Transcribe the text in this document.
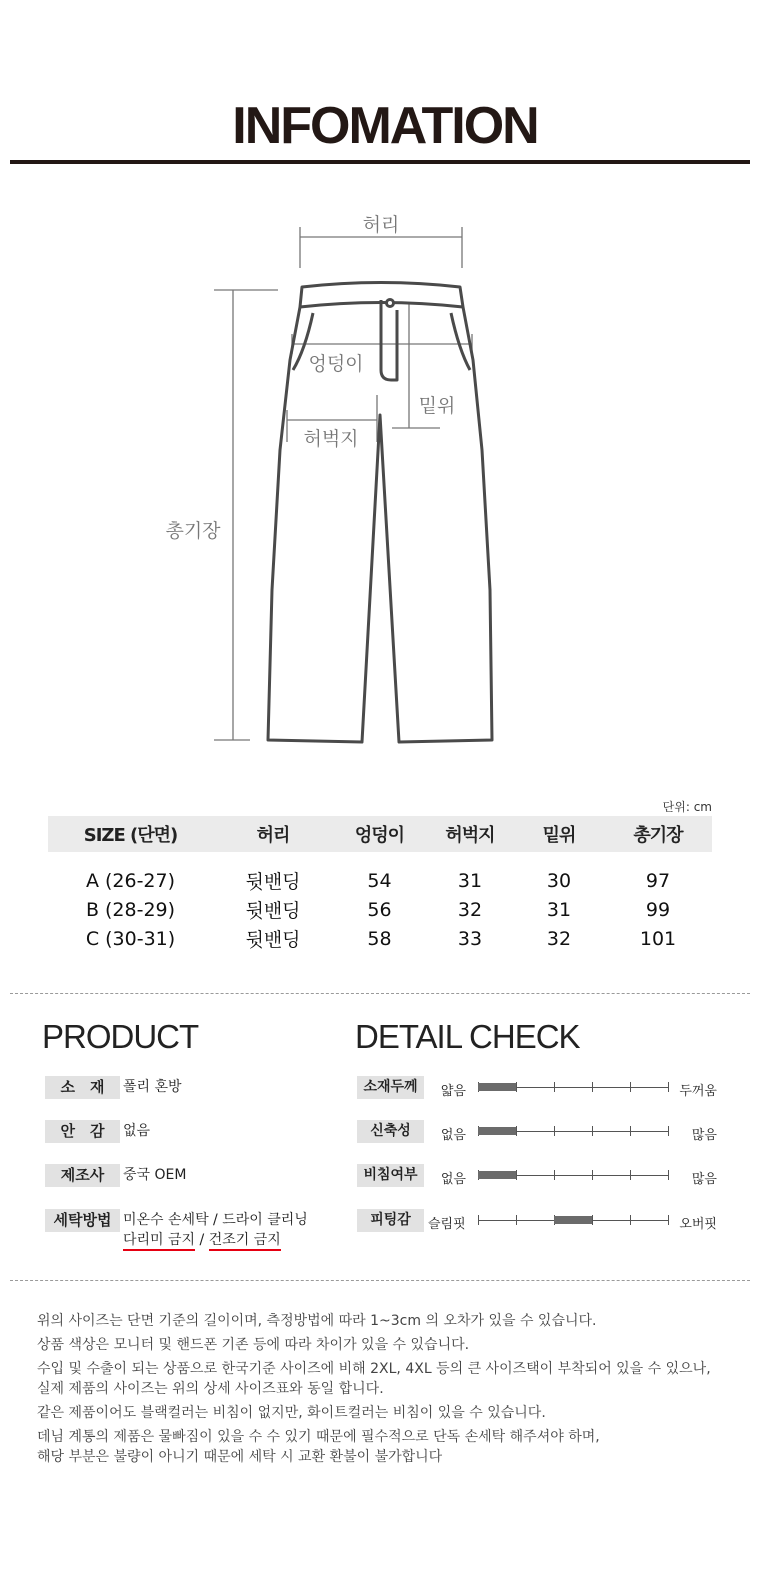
INFOMATION
허리
엉덩이
밑위
허벅지
총기장
단위: cm
SIZE (단면)	허리	엉덩이	허벅지	밑위	총기장
A (26-27)	뒷밴딩	54	31	30	97
B (28-29)	뒷밴딩	56	32	31	99
C (30-31)	뒷밴딩	58	33	32	101
PRODUCT
소　재	폴리 혼방
안　감	없음
제조사	중국 OEM
세탁방법 미온수 손세탁 / 드라이 클리닝
다리미 금지 / 건조기 금지
DETAIL CHECK
소재두께	얇음	두꺼움
신축성	없음	많음
비침여부	없음	많음
피팅감	슬림핏	오버핏
위의 사이즈는 단면 기준의 길이이며, 측정방법에 따라 1~3cm 의 오차가 있을 수 있습니다.
상품 색상은 모니터 및 핸드폰 기존 등에 따라 차이가 있을 수 있습니다.
수입 및 수출이 되는 상품으로 한국기준 사이즈에 비해 2XL, 4XL 등의 큰 사이즈택이 부착되어 있을 수 있으나,
실제 제품의 사이즈는 위의 상세 사이즈표와 동일 합니다.
같은 제품이어도 블랙컬러는 비침이 없지만, 화이트컬러는 비침이 있을 수 있습니다.
데님 계통의 제품은 물빠짐이 있을 수 수 있기 때문에 필수적으로 단독 손세탁 해주셔야 하며,
해당 부분은 불량이 아니기 때문에 세탁 시 교환 환불이 불가합니다
